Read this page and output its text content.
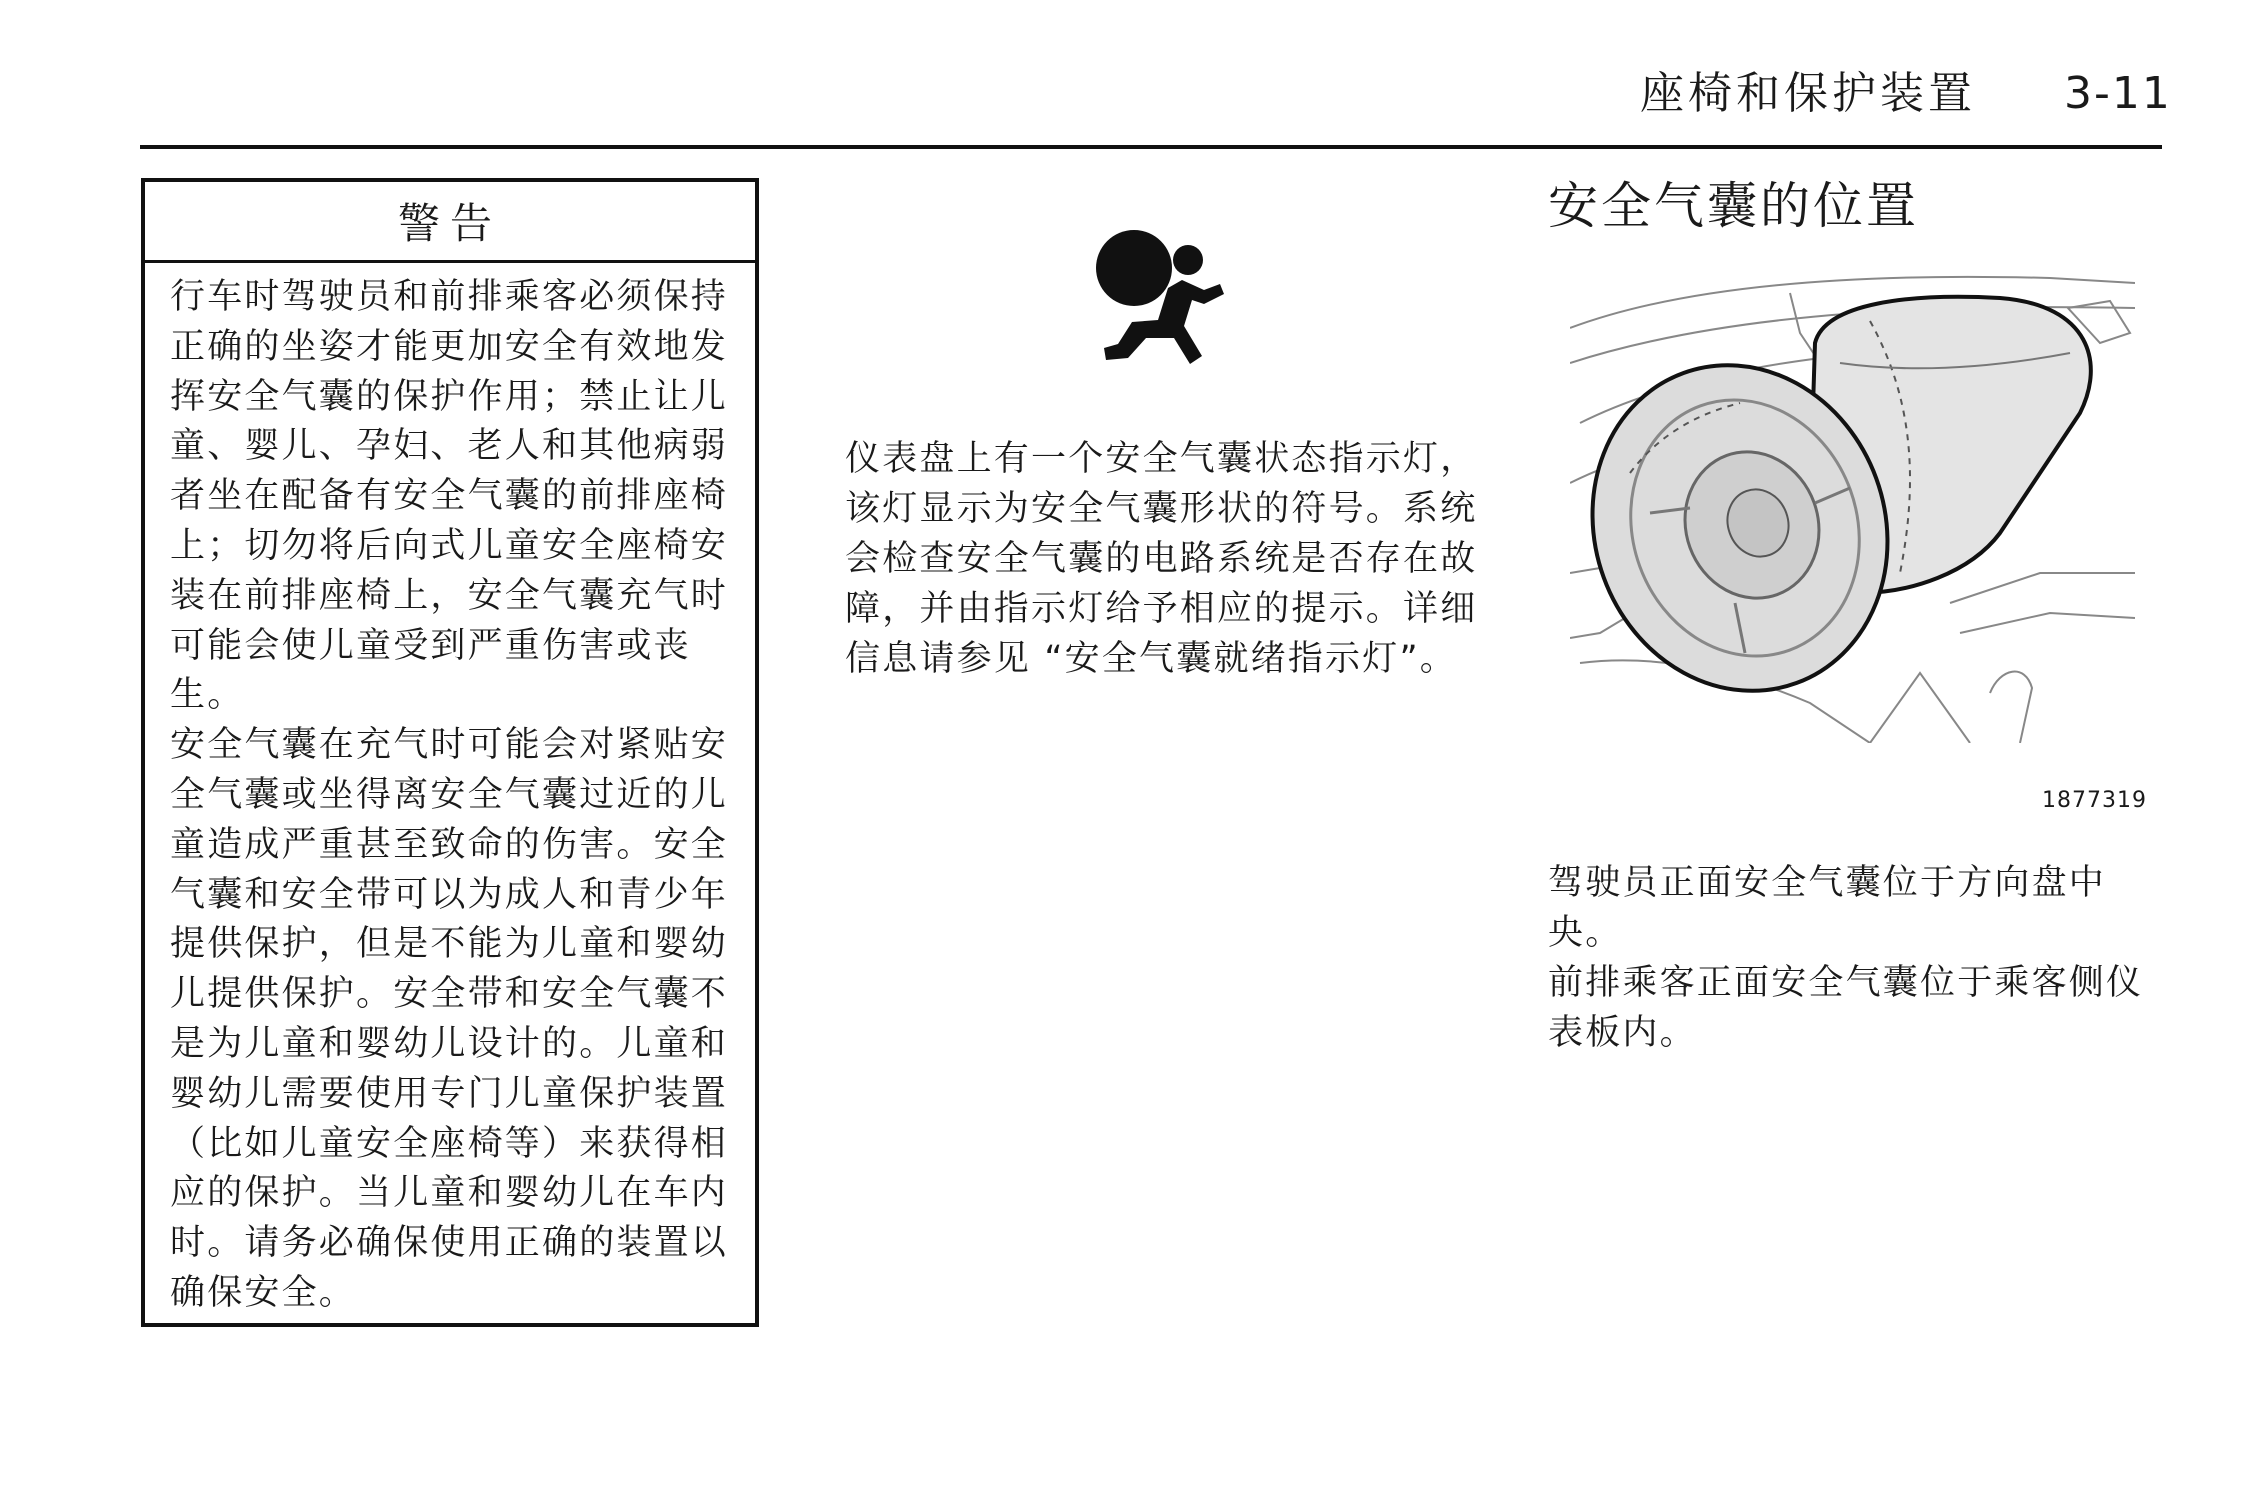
座椅和保护装置 3-11
警告

行车时驾驶员和前排乘客必须保持正确的坐姿才能更加安全有效地发挥安全气囊的保护作用；禁止让儿童、婴儿、孕妇、老人和其他病弱者坐在配备有安全气囊的前排座椅上；切勿将后向式儿童安全座椅安装在前排座椅上，安全气囊充气时可能会使儿童受到严重伤害或丧生。

安全气囊在充气时可能会对紧贴安全气囊或坐得离安全气囊过近的儿童造成严重甚至致命的伤害。安全气囊和安全带可以为成人和青少年提供保护，但是不能为儿童和婴幼儿提供保护。安全带和安全气囊不是为儿童和婴幼儿设计的。儿童和婴幼儿需要使用专门儿童保护装置（比如儿童安全座椅等）来获得相应的保护。当儿童和婴幼儿在车内时。请务必确保使用正确的装置以确保安全。

仪表盘上有一个安全气囊状态指示灯，该灯显示为安全气囊形状的符号。系统会检查安全气囊的电路系统是否存在故障，并由指示灯给予相应的提示。详细信息请参见 “安全气囊就绪指示灯”。

安全气囊的位置
1877319

驾驶员正面安全气囊位于方向盘中央。

前排乘客正面安全气囊位于乘客侧仪表板内。
